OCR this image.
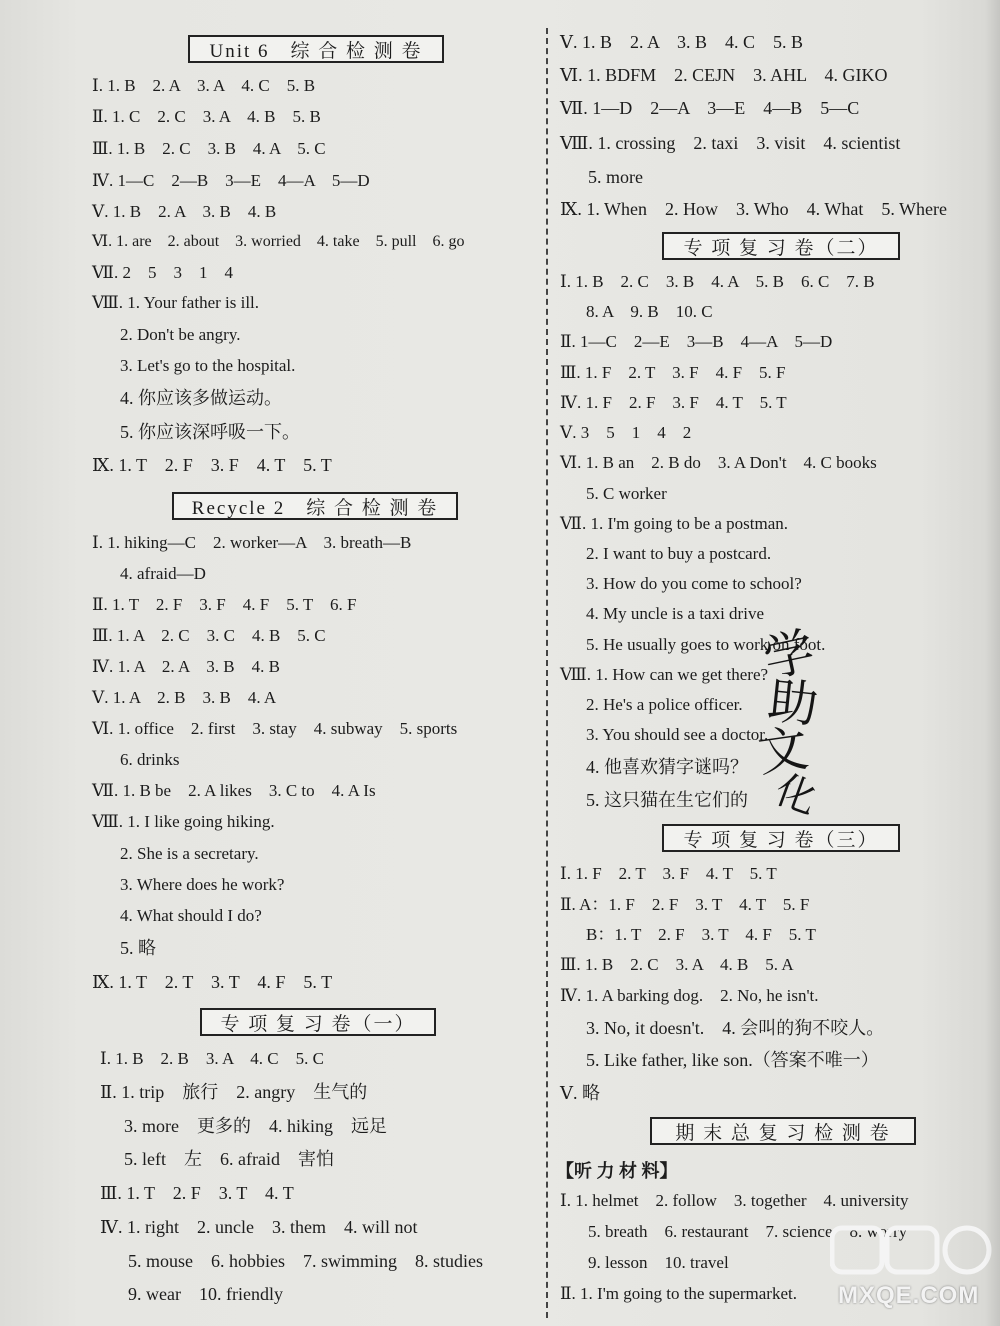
Unit 6　综 合 检 测 卷
Ⅰ. 1. B　2. A　3. A　4. C　5. B
Ⅱ. 1. C　2. C　3. A　4. B　5. B
Ⅲ. 1. B　2. C　3. B　4. A　5. C
Ⅳ. 1—C　2—B　3—E　4—A　5—D
Ⅴ. 1. B　2. A　3. B　4. B
Ⅵ. 1. are　2. about　3. worried　4. take　5. pull　6. go
Ⅶ. 2　5　3　1　4
Ⅷ. 1. Your father is ill.
2. Don't be angry.
3. Let's go to the hospital.
4. 你应该多做运动。
5. 你应该深呼吸一下。
Ⅸ. 1. T　2. F　3. F　4. T　5. T
Recycle 2　综 合 检 测 卷
Ⅰ. 1. hiking—C　2. worker—A　3. breath—B
4. afraid—D
Ⅱ. 1. T　2. F　3. F　4. F　5. T　6. F
Ⅲ. 1. A　2. C　3. C　4. B　5. C
Ⅳ. 1. A　2. A　3. B　4. B
Ⅴ. 1. A　2. B　3. B　4. A
Ⅵ. 1. office　2. first　3. stay　4. subway　5. sports
6. drinks
Ⅶ. 1. B be　2. A likes　3. C to　4. A Is
Ⅷ. 1. I like going hiking.
2. She is a secretary.
3. Where does he work?
4. What should I do?
5. 略
Ⅸ. 1. T　2. T　3. T　4. F　5. T
专 项 复 习 卷（一）
Ⅰ. 1. B　2. B　3. A　4. C　5. C
Ⅱ. 1. trip　旅行　2. angry　生气的
3. more　更多的　4. hiking　远足
5. left　左　6. afraid　害怕
Ⅲ. 1. T　2. F　3. T　4. T
Ⅳ. 1. right　2. uncle　3. them　4. will not
5. mouse　6. hobbies　7. swimming　8. studies
9. wear　10. friendly
Ⅴ. 1. B　2. A　3. B　4. C　5. B
Ⅵ. 1. BDFM　2. CEJN　3. AHL　4. GIKO
Ⅶ. 1—D　2—A　3—E　4—B　5—C
Ⅷ. 1. crossing　2. taxi　3. visit　4. scientist
5. more
Ⅸ. 1. When　2. How　3. Who　4. What　5. Where
专 项 复 习 卷（二）
Ⅰ. 1. B　2. C　3. B　4. A　5. B　6. C　7. B
8. A　9. B　10. C
Ⅱ. 1—C　2—E　3—B　4—A　5—D
Ⅲ. 1. F　2. T　3. F　4. F　5. F
Ⅳ. 1. F　2. F　3. F　4. T　5. T
Ⅴ. 3　5　1　4　2
Ⅵ. 1. B an　2. B do　3. A Don't　4. C books
5. C worker
Ⅶ. 1. I'm going to be a postman.
2. I want to buy a postcard.
3. How do you come to school?
4. My uncle is a taxi drive
5. He usually goes to work on foot.
Ⅷ. 1. How can we get there?
2. He's a police officer.
3. You should see a doctor.
4. 他喜欢猜字谜吗？
5. 这只猫在生它们的
专 项 复 习 卷（三）
Ⅰ. 1. F　2. T　3. F　4. T　5. T
Ⅱ. A：1. F　2. F　3. T　4. T　5. F
B：1. T　2. F　3. T　4. F　5. T
Ⅲ. 1. B　2. C　3. A　4. B　5. A
Ⅳ. 1. A barking dog.　2. No, he isn't.
3. No, it doesn't.　4. 会叫的狗不咬人。
5. Like father, like son.（答案不唯一）
Ⅴ. 略
期 末 总 复 习 检 测 卷
【听 力 材 料】
Ⅰ. 1. helmet　2. follow　3. together　4. university
5. breath　6. restaurant　7. science　8. worry
9. lesson　10. travel
Ⅱ. 1. I'm going to the supermarket.
学
助
文
化
MXQE.COM
